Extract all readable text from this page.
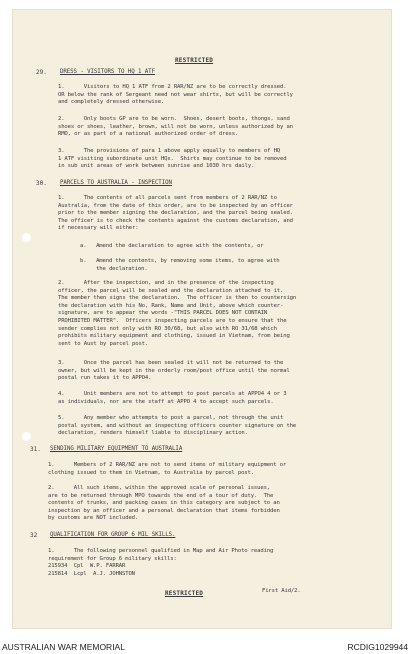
RESTRICTED
29. DRESS - VISITORS TO HQ 1 ATF
1.      Visitors to HQ 1 ATF from 2 RAR/NZ are to be correctly dressed.
OR below the rank of Sergeant need not wear shirts, but will be correctly
and completely dressed otherwise.
2.      Only boots GP are to be worn.  Shoes, desert boots, thongs, sand
shoes or shoes, leather, brown, will not be worn, unless authorized by an
RMO, or as part of a national authorized order of dress.
3.      The provisions of para 1 above apply equally to members of HQ
1 ATF visiting subordinate unit HQs.  Shirts may continue to be removed
in sub unit areas of work between sunrise and 1030 hrs daily.
30. PARCELS TO AUSTRALIA - INSPECTION
1.      The contents of all parcels sent from members of 2 RAR/NZ to
Australia, from the date of this order, are to be inspected by an officer
prior to the member signing the declaration, and the parcel being sealed.
The officer is to check the contents against the customs declaration, and
if necessary will either:
a.   Amend the declaration to agree with the contents, or
b.   Amend the contents, by removing some items, to agree with
the declaration.
2.      After the inspection, and in the presence of the inspecting
officer, the parcel will be sealed and the declaration attached to it.
The member then signs the declaration.  The officer is then to countersign
the declaration with his No, Rank, Name and Unit, above which counter-
signature, are to appear the words -"THIS PARCEL DOES NOT CONTAIN
PROHIBITED MATTER".  Officers inspecting parcels are to ensure that the
sender complies not only with RO 30/68, but also with RO 31/68 which
prohibits military equipment and clothing, issued in Vietnam, from being
sent to Aust by parcel post.
3.      Once the parcel has been sealed it will not be returned to the
owner, but will be kept in the orderly room/post office until the normal
postal run takes it to APPO4.
4.      Unit members are not to attempt to post parcels at APPO4 4 or 3
as individuals, nor are the staff at APPO 4 to accept such parcels.
5.      Any member who attempts to post a parcel, not through the unit
postal system, and without an inspecting officers counter signature on the
declaration, renders himself liable to disciplinary action.
31. SENDING MILITARY EQUIPMENT TO AUSTRALIA
1.      Members of 2 RAR/NZ are not to send items of military equipment or
clothing issued to them in Vietnam, to Australia by parcel post.
2.      All such items, within the approved scale of personal issues,
are to be returned through MPO towards the end of a tour of duty.  The
contents of trunks, and packing cases in this category are subject to an
inspection by an officer and a personal declaration that items forbidden
by customs are NOT included.
32 QUALIFICATION FOR GROUP 6 MIL SKILLS.
1.      The following personnel qualified in Map and Air Photo reading
requirement for Group 6 military skills:
215934  Cpl  W.P. FARRAR
215814  Lcpl  A.J. JOHNSTON
First Aid/2.
RESTRICTED
AUSTRALIAN WAR MEMORIAL	RCDIG1029944
